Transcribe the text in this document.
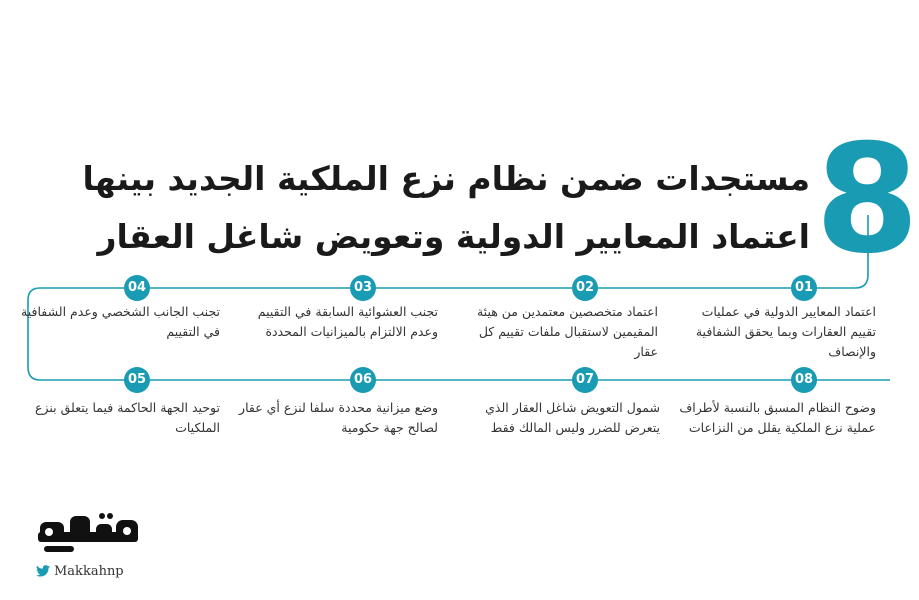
8
مستجدات ضمن نظام نزع الملكية الجديد بينها اعتماد المعايير الدولية وتعويض شاغل العقار
01
اعتماد المعايير الدولية في عمليات تقييم العقارات وبما يحقق الشفافية والإنصاف
02
اعتماد متخصصين معتمدين من هيئة المقيمين لاستقبال ملفات تقييم كل عقار
03
تجنب العشوائية السابقة في التقييم وعدم الالتزام بالميزانيات المحددة
04
تجنب الجانب الشخصي وعدم الشفافية في التقييم
08
وضوح النظام المسبق بالنسبة لأطراف عملية نزع الملكية يقلل من النزاعات
07
شمول التعويض شاغل العقار الذي يتعرض للضرر وليس المالك فقط
06
وضع ميزانية محددة سلفا لنزع أي عقار لصالح جهة حكومية
05
توحيد الجهة الحاكمة فيما يتعلق بنزع الملكيات
Makkahnp
